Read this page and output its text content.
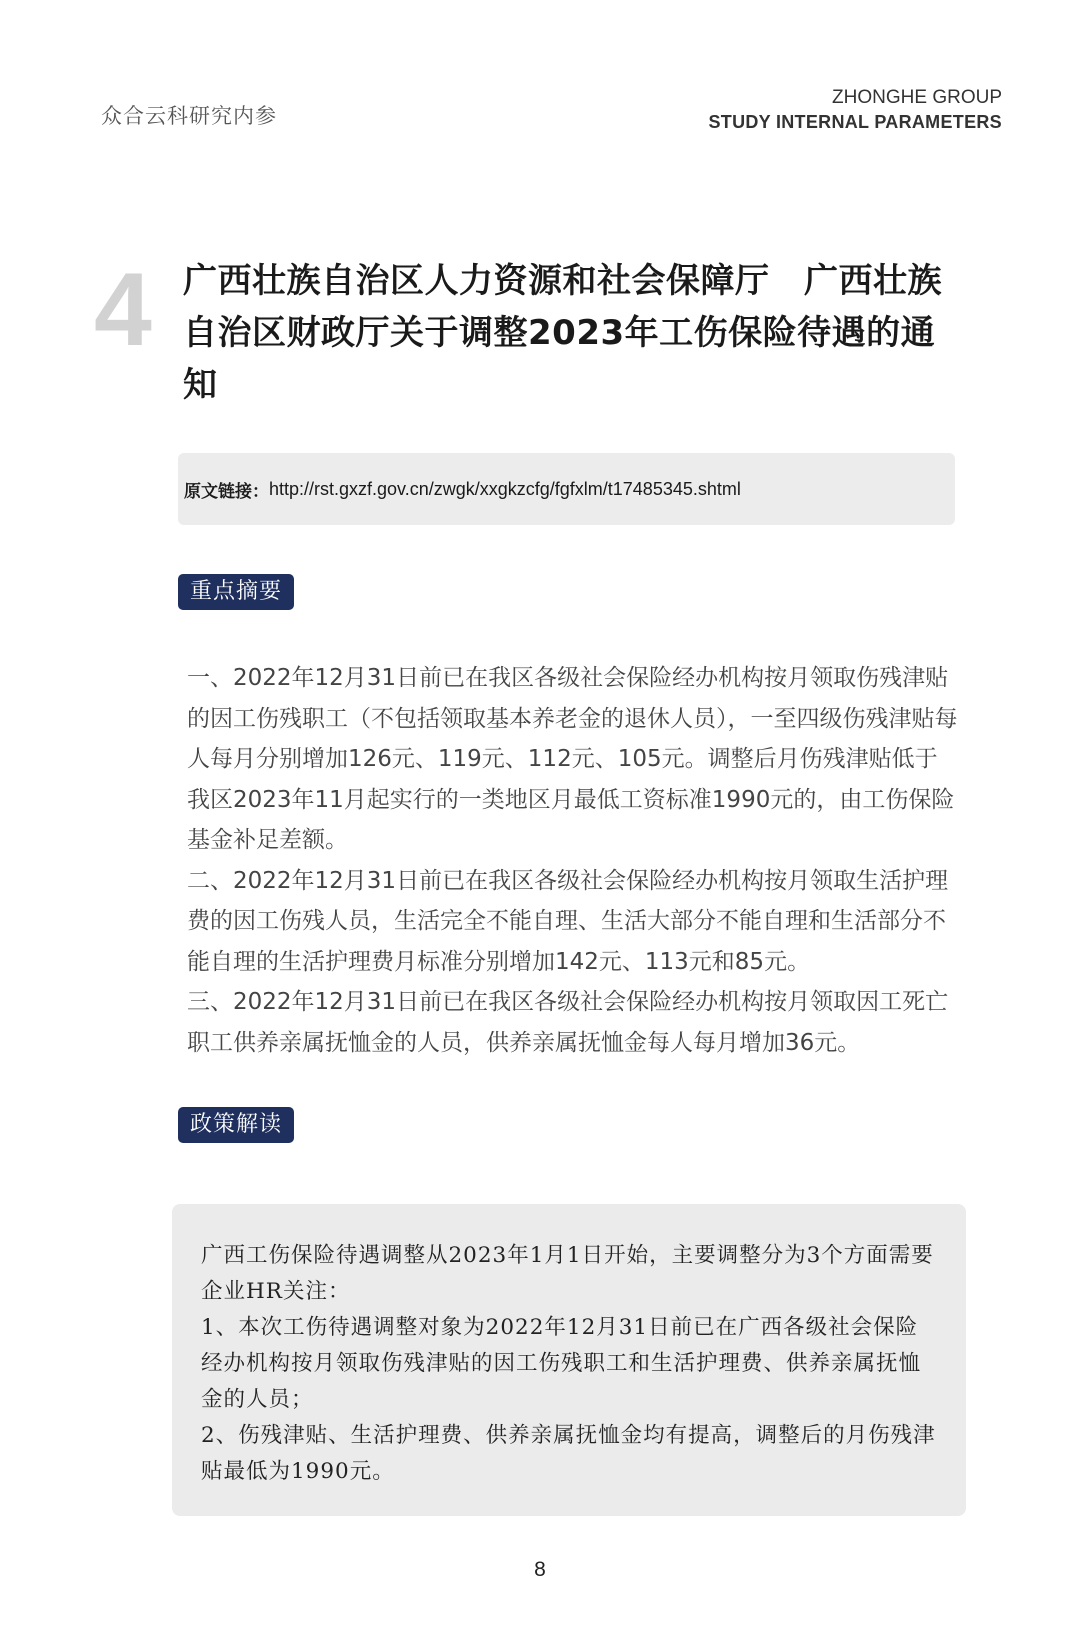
众合云科研究内参
ZHONGHE GROUP
STUDY INTERNAL PARAMETERS
4 广西壮族自治区人力资源和社会保障厅　广西壮族自治区财政厅关于调整2023年工伤保险待遇的通知
原文链接： http://rst.gxzf.gov.cn/zwgk/xxgkzcfg/fgfxlm/t17485345.shtml
重点摘要

一、2022年12月31日前已在我区各级社会保险经办机构按月领取伤残津贴的因工伤残职工（不包括领取基本养老金的退休人员），一至四级伤残津贴每人每月分别增加126元、119元、112元、105元。调整后月伤残津贴低于我区2023年11月起实行的一类地区月最低工资标准1990元的，由工伤保险基金补足差额。

二、2022年12月31日前已在我区各级社会保险经办机构按月领取生活护理费的因工伤残人员，生活完全不能自理、生活大部分不能自理和生活部分不能自理的生活护理费月标准分别增加142元、113元和85元。

三、2022年12月31日前已在我区各级社会保险经办机构按月领取因工死亡职工供养亲属抚恤金的人员，供养亲属抚恤金每人每月增加36元。

政策解读

广西工伤保险待遇调整从2023年1月1日开始，主要调整分为3个方面需要企业HR关注：

1、本次工伤待遇调整对象为2022年12月31日前已在广西各级社会保险经办机构按月领取伤残津贴的因工伤残职工和生活护理费、供养亲属抚恤金的人员；

2、伤残津贴、生活护理费、供养亲属抚恤金均有提高，调整后的月伤残津贴最低为1990元。

8
